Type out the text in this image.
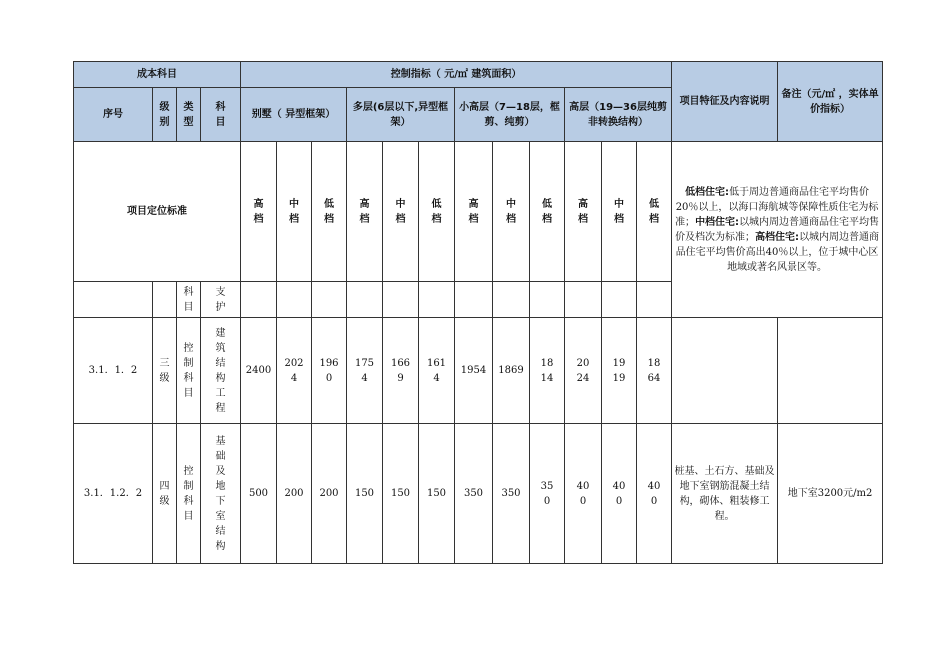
成本科目				控制指标（ 元/㎡ 建筑面积）												项目特征及内容说明	备注（元/㎡ ，实体单价指标）
序号	级别	类型	科目	别墅（ 异型框架）			多层(6层以下,异型框架）			小高层（7—18层，框剪、纯剪）			高层（19—36层纯剪非转换结构）				
项目定位标准				高档	中档	低档	高档	中档	低档	高档	中档	低档	高档	中档	低档	低档住宅:低于周边普通商品住宅平均售价20％以上，以海口海航城等保障性质住宅为标准；中档住宅:以城内周边普通商品住宅平均售价及档次为标准；高档住宅:以城内周边普通商品住宅平均售价高出40％以上，位于城中心区地域或著名风景区等。	

		科目	支护														

3.1．1．2	三级	控制科目	建筑结构工程	2400	2024	1960	1754	1669	1614	1954	1869	1814	2024	1919	1864		

3.1．1.2．2	四级	控制科目	基础及地下室结构	500	200	200	150	150	150	350	350	350	400	400	400	桩基、土石方、基础及地下室钢筋混凝土结构，砌体、粗装修工程。	地下室3200元/m2
